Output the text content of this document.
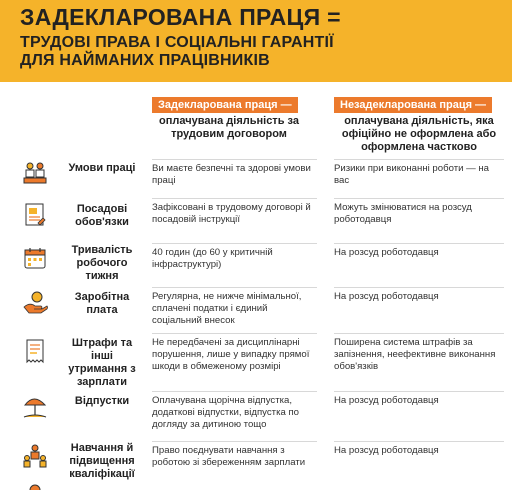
ЗАДЕКЛАРОВАНА ПРАЦЯ =
ТРУДОВІ ПРАВА І СОЦІАЛЬНІ ГАРАНТІЇ
ДЛЯ НАЙМАНИХ ПРАЦІВНИКІВ
Задекларована праця —
оплачувана діяльність за трудовим договором
Незадекларована праця —
оплачувана діяльність, яка офіційно не оформлена або оформлена частково
Умови праці Ви маєте безпечні та здорові умови праці
Ризики при виконанні роботи — на вас
Посадові обов'язки
Зафіксовані в трудовому договорі й посадовій інструкції
Можуть змінюватися на розсуд роботодавця
Тривалість робочого тижня
40 годин (до 60 у критичній інфраструктурі)
На розсуд роботодавця
Заробітна плата
Регулярна, не нижче мінімальної, сплачені податки і єдиний соціальний внесок
На розсуд роботодавця
Штрафи та інші утримання з зарплати
Не передбачені за дисциплінарні порушення, лише у випадку прямої шкоди в обмеженому розмірі
Поширена система штрафів за запізнення, неефективне виконання обов'язків
Відпустки	Оплачувана щорічна відпустка, додаткові відпустки, відпустка по догляду за дитиною тощо
На розсуд роботодавця
Навчання й підвищення кваліфікації
Право поєднувати навчання з роботою зі збереженням зарплати
На розсуд роботодавця
